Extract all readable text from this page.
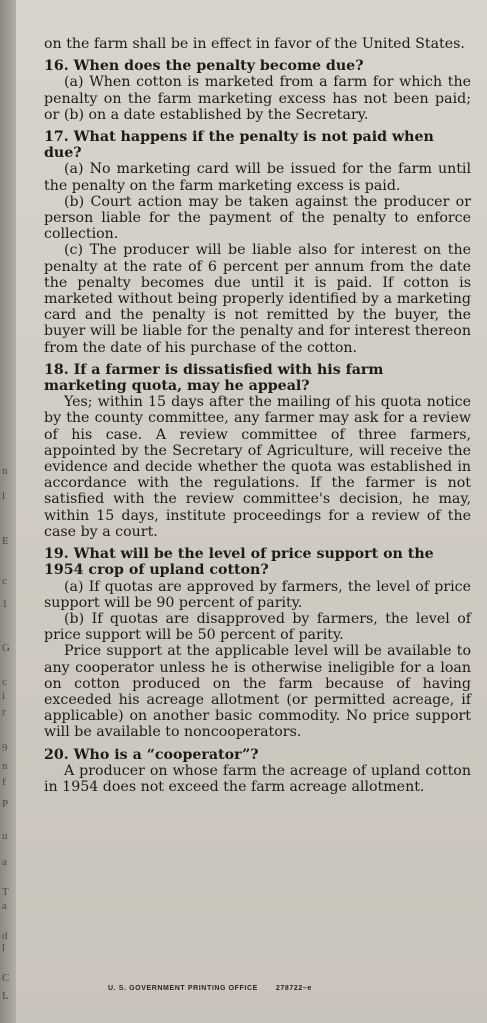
n
l
E
c
1
G
c
i
r
9
n
f
P
u
a
T
a
d
l
C
L

on the farm shall be in effect in favor of the United States.

16. When does the penalty become due?

(a) When cotton is marketed from a farm for which the penalty on the farm marketing excess has not been paid; or (b) on a date established by the Secretary.

17. What happens if the penalty is not paid when due?

(a) No marketing card will be issued for the farm until the penalty on the farm marketing excess is paid.

(b) Court action may be taken against the producer or person liable for the payment of the penalty to enforce collection.

(c) The producer will be liable also for interest on the penalty at the rate of 6 percent per annum from the date the penalty becomes due until it is paid. If cotton is marketed without being properly identified by a marketing card and the penalty is not remitted by the buyer, the buyer will be liable for the penalty and for interest thereon from the date of his purchase of the cotton.

18. If a farmer is dissatisfied with his farm marketing quota, may he appeal?

Yes; within 15 days after the mailing of his quota notice by the county committee, any farmer may ask for a review of his case. A review committee of three farmers, appointed by the Secretary of Agriculture, will receive the evidence and decide whether the quota was established in accordance with the regulations. If the farmer is not satisfied with the review committee's decision, he may, within 15 days, institute proceedings for a review of the case by a court.

19. What will be the level of price support on the 1954 crop of upland cotton?

(a) If quotas are approved by farmers, the level of price support will be 90 percent of parity.

(b) If quotas are disapproved by farmers, the level of price support will be 50 percent of parity.

Price support at the applicable level will be available to any cooperator unless he is otherwise ineligible for a loan on cotton produced on the farm because of having exceeded his acreage allotment (or permitted acreage, if applicable) on another basic commodity. No price support will be available to noncooperators.

20. Who is a “cooperator”?

A producer on whose farm the acreage of upland cotton in 1954 does not exceed the farm acreage allotment.

U. S. GOVERNMENT PRINTING OFFICE	278722–e
